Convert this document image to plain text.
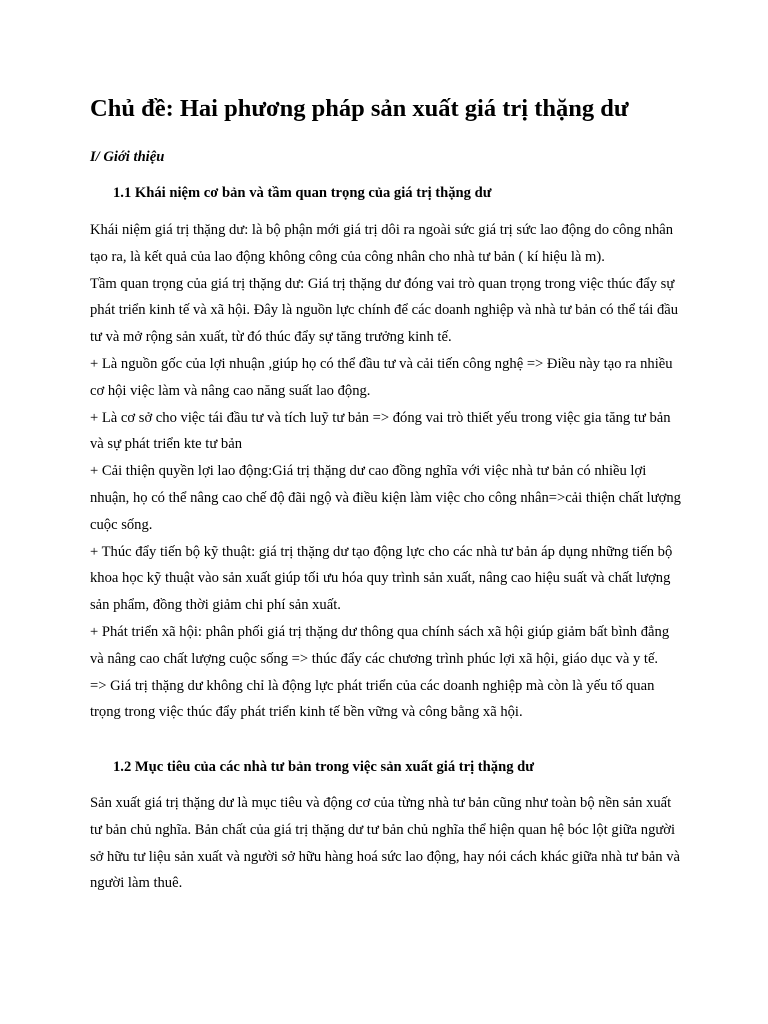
Chủ đề: Hai phương pháp sản xuất giá trị thặng dư
I/ Giới thiệu
1.1 Khái niệm cơ bản và tầm quan trọng của giá trị thặng dư

Khái niệm giá trị thặng dư: là bộ phận mới giá trị dôi ra ngoài sức giá trị sức lao động do công nhân tạo ra, là kết quả của lao động không công của công nhân cho nhà tư bản ( kí hiệu là m).

Tầm quan trọng của giá trị thặng dư: Giá trị thặng dư đóng vai trò quan trọng trong việc thúc đẩy sự phát triển kinh tế và xã hội. Đây là nguồn lực chính để các doanh nghiệp và nhà tư bản có thể tái đầu tư và mở rộng sản xuất, từ đó thúc đẩy sự tăng trưởng kinh tế.

+ Là nguồn gốc của lợi nhuận ,giúp họ có thể đầu tư và cải tiến công nghệ => Điều này tạo ra nhiều cơ hội việc làm và nâng cao năng suất lao động.

+ Là cơ sở cho việc tái đầu tư và tích luỹ tư bản => đóng vai trò thiết yếu trong việc gia tăng tư bản và sự phát triển kte tư bản

+ Cải thiện quyền lợi lao động:Giá trị thặng dư cao đồng nghĩa với việc nhà tư bản có nhiều lợi nhuận, họ có thể nâng cao chế độ đãi ngộ và điều kiện làm việc cho công nhân=>cải thiện chất lượng cuộc sống.

+ Thúc đẩy tiến bộ kỹ thuật: giá trị thặng dư tạo động lực cho các nhà tư bản áp dụng những tiến bộ khoa học kỹ thuật vào sản xuất giúp tối ưu hóa quy trình sản xuất, nâng cao hiệu suất và chất lượng sản phẩm, đồng thời giảm chi phí sản xuất.

+ Phát triển xã hội: phân phối giá trị thặng dư thông qua chính sách xã hội giúp giảm bất bình đẳng và nâng cao chất lượng cuộc sống => thúc đẩy các chương trình phúc lợi xã hội, giáo dục và y tế.

=> Giá trị thặng dư không chỉ là động lực phát triển của các doanh nghiệp mà còn là yếu tố quan trọng trong việc thúc đẩy phát triển kinh tế bền vững và công bằng xã hội.

1.2 Mục tiêu của các nhà tư bản trong việc sản xuất giá trị thặng dư

Sản xuất giá trị thặng dư là mục tiêu và động cơ của từng nhà tư bản cũng như toàn bộ nền sản xuất tư bản chủ nghĩa. Bản chất của giá trị thặng dư tư bản chủ nghĩa thể hiện quan hệ bóc lột giữa người sở hữu tư liệu sản xuất và người sở hữu hàng hoá sức lao động, hay nói cách khác giữa nhà tư bản và người làm thuê.
